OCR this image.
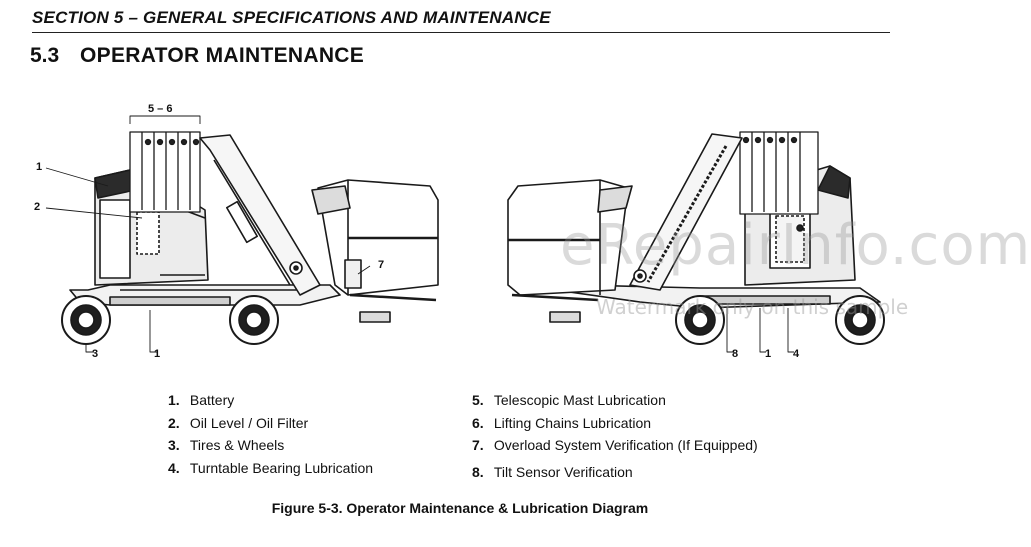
SECTION 5 – GENERAL SPECIFICATIONS AND MAINTENANCE
5.3 OPERATOR MAINTENANCE
1
2
5 – 6
7
3	1	8 1 4
eRepairInfo.com
Watermark only on this sample
1. Battery
2. Oil Level / Oil Filter
3. Tires & Wheels
4. Turntable Bearing Lubrication
5. Telescopic Mast Lubrication
6. Lifting Chains Lubrication
7. Overload System Verification (If Equipped)
8. Tilt Sensor Verification
Figure 5-3. Operator Maintenance & Lubrication Diagram
